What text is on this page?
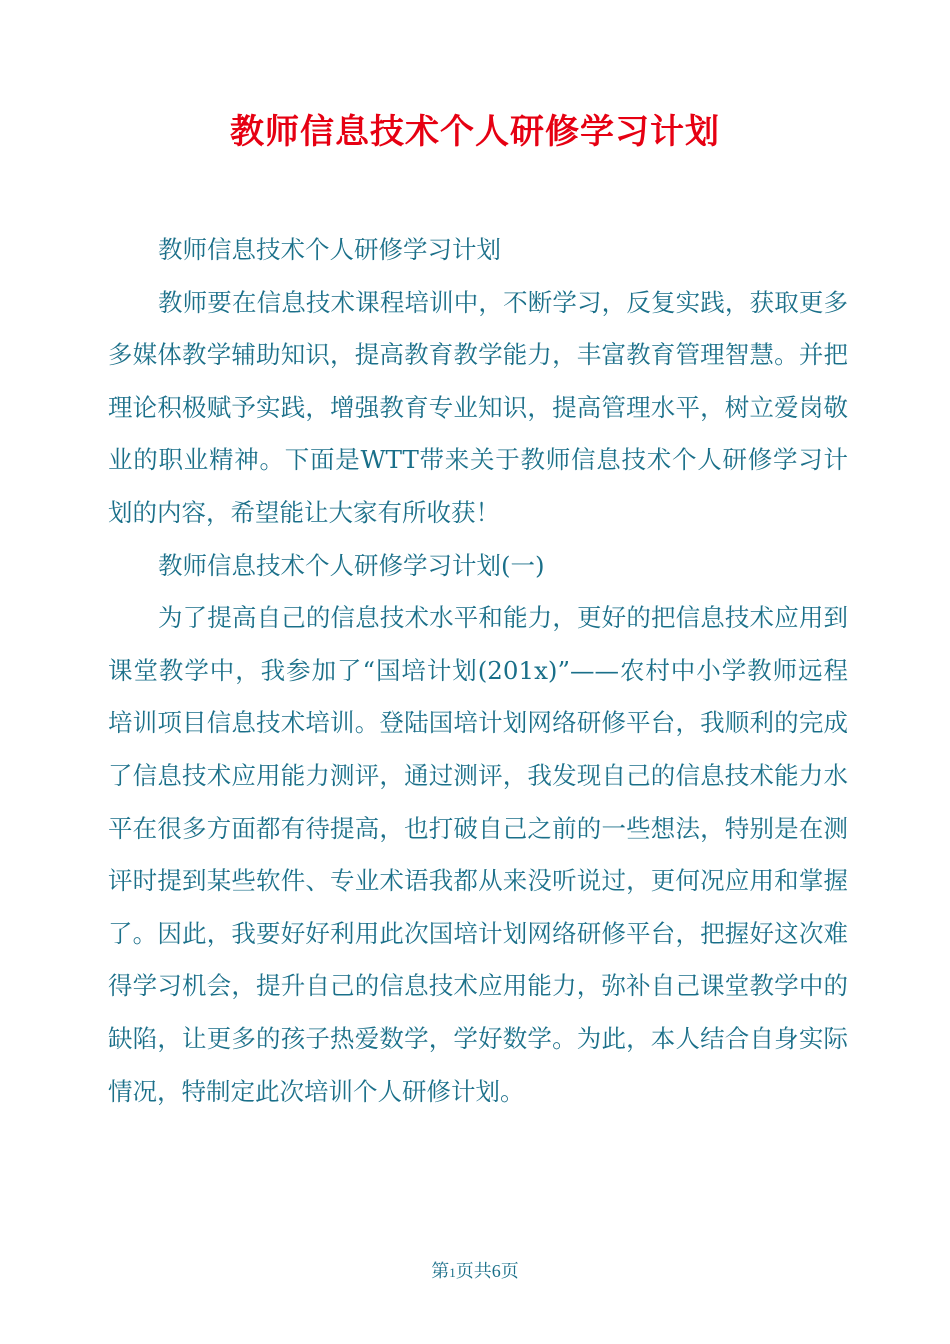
教师信息技术个人研修学习计划

教师信息技术个人研修学习计划

教师要在信息技术课程培训中，不断学习，反复实践，获取更多多媒体教学辅助知识，提高教育教学能力，丰富教育管理智慧。并把理论积极赋予实践，增强教育专业知识，提高管理水平，树立爱岗敬业的职业精神。下面是WTT带来关于教师信息技术个人研修学习计划的内容，希望能让大家有所收获！

教师信息技术个人研修学习计划(一)

为了提高自己的信息技术水平和能力，更好的把信息技术应用到课堂教学中，我参加了“国培计划(201x)”——农村中小学教师远程培训项目信息技术培训。登陆国培计划网络研修平台，我顺利的完成了信息技术应用能力测评，通过测评，我发现自己的信息技术能力水平在很多方面都有待提高，也打破自己之前的一些想法，特别是在测评时提到某些软件、专业术语我都从来没听说过，更何况应用和掌握了。因此，我要好好利用此次国培计划网络研修平台，把握好这次难得学习机会，提升自己的信息技术应用能力，弥补自己课堂教学中的缺陷，让更多的孩子热爱数学，学好数学。为此，本人结合自身实际情况，特制定此次培训个人研修计划。

第1页共6页
